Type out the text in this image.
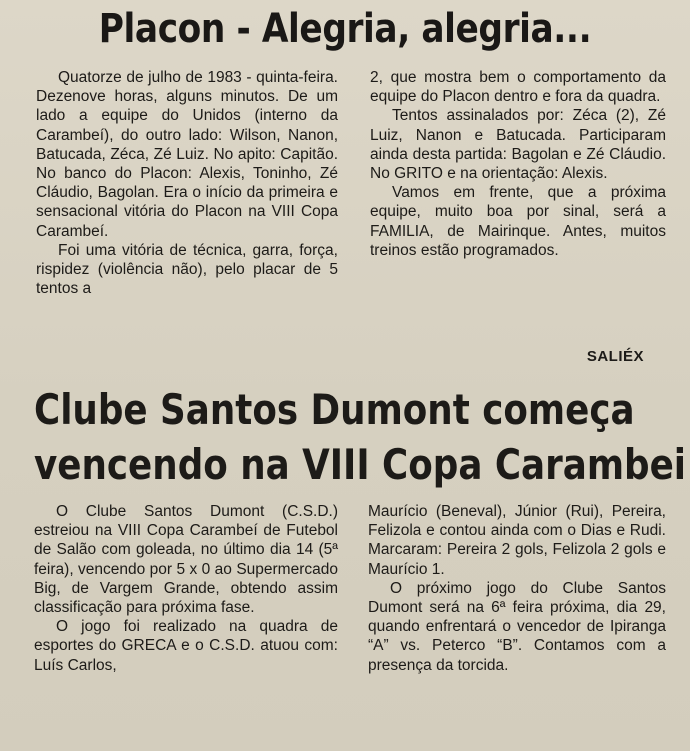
Placon - Alegria, alegria...

Quatorze de julho de 1983 - quinta-feira. Dezenove horas, alguns minutos. De um lado a equipe do Unidos (interno da Carambeí), do outro lado: Wilson, Nanon, Batucada, Zéca, Zé Luiz. No apito: Capitão. No banco do Placon: Alexis, Toninho, Zé Cláudio, Bagolan. Era o início da primeira e sensacional vitória do Placon na VIII Copa Carambeí.

Foi uma vitória de técnica, garra, força, rispidez (violência não), pelo placar de 5 tentos a

2, que mostra bem o comportamento da equipe do Placon dentro e fora da quadra.

Tentos assinalados por: Zéca (2), Zé Luiz, Nanon e Batucada. Participaram ainda desta partida: Bagolan e Zé Cláudio. No GRITO e na orientação: Alexis.

Vamos em frente, que a próxima equipe, muito boa por sinal, será a FAMILIA, de Mairinque. Antes, muitos treinos estão programados.

SALIÉX
Clube Santos Dumont começa
vencendo na VIII Copa Carambei

O Clube Santos Dumont (C.S.D.) estreiou na VIII Copa Carambeí de Futebol de Salão com goleada, no último dia 14 (5ª feira), vencendo por 5 x 0 ao Supermercado Big, de Vargem Grande, obtendo assim classificação para próxima fase.

O jogo foi realizado na quadra de esportes do GRECA e o C.S.D. atuou com: Luís Carlos,

Maurício (Beneval), Júnior (Rui), Pereira, Felizola e contou ainda com o Dias e Rudi. Marcaram: Pereira 2 gols, Felizola 2 gols e Maurício 1.

O próximo jogo do Clube Santos Dumont será na 6ª feira próxima, dia 29, quando enfrentará o vencedor de Ipiranga “A” vs. Peterco “B”. Contamos com a presença da torcida.
